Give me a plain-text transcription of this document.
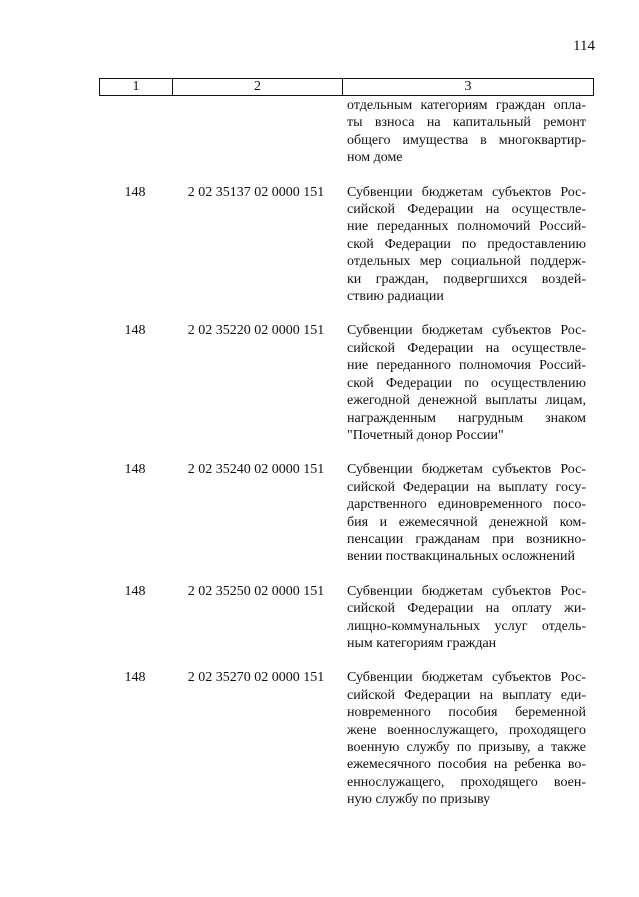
114
1	2	3
отдельным категориям граждан опла-
ты взноса на капитальный ремонт
общего имущества в многоквартир-
ном доме
148	2 02 35137 02 0000 151	Субвенции бюджетам субъектов Рос-
сийской Федерации на осуществле-
ние переданных полномочий Россий-
ской Федерации по предоставлению
отдельных мер социальной поддерж-
ки граждан, подвергшихся воздей-
ствию радиации
148	2 02 35220 02 0000 151	Субвенции бюджетам субъектов Рос-
сийской Федерации на осуществле-
ние переданного полномочия Россий-
ской Федерации по осуществлению
ежегодной денежной выплаты лицам,
награжденным нагрудным знаком
"Почетный донор России"
148	2 02 35240 02 0000 151	Субвенции бюджетам субъектов Рос-
сийской Федерации на выплату госу-
дарственного единовременного посо-
бия и ежемесячной денежной ком-
пенсации гражданам при возникно-
вении поствакцинальных осложнений
148	2 02 35250 02 0000 151	Субвенции бюджетам субъектов Рос-
сийской Федерации на оплату жи-
лищно-коммунальных услуг отдель-
ным категориям граждан
148	2 02 35270 02 0000 151	Субвенции бюджетам субъектов Рос-
сийской Федерации на выплату еди-
новременного пособия беременной
жене военнослужащего, проходящего
военную службу по призыву, а также
ежемесячного пособия на ребенка во-
еннослужащего, проходящего воен-
ную службу по призыву
